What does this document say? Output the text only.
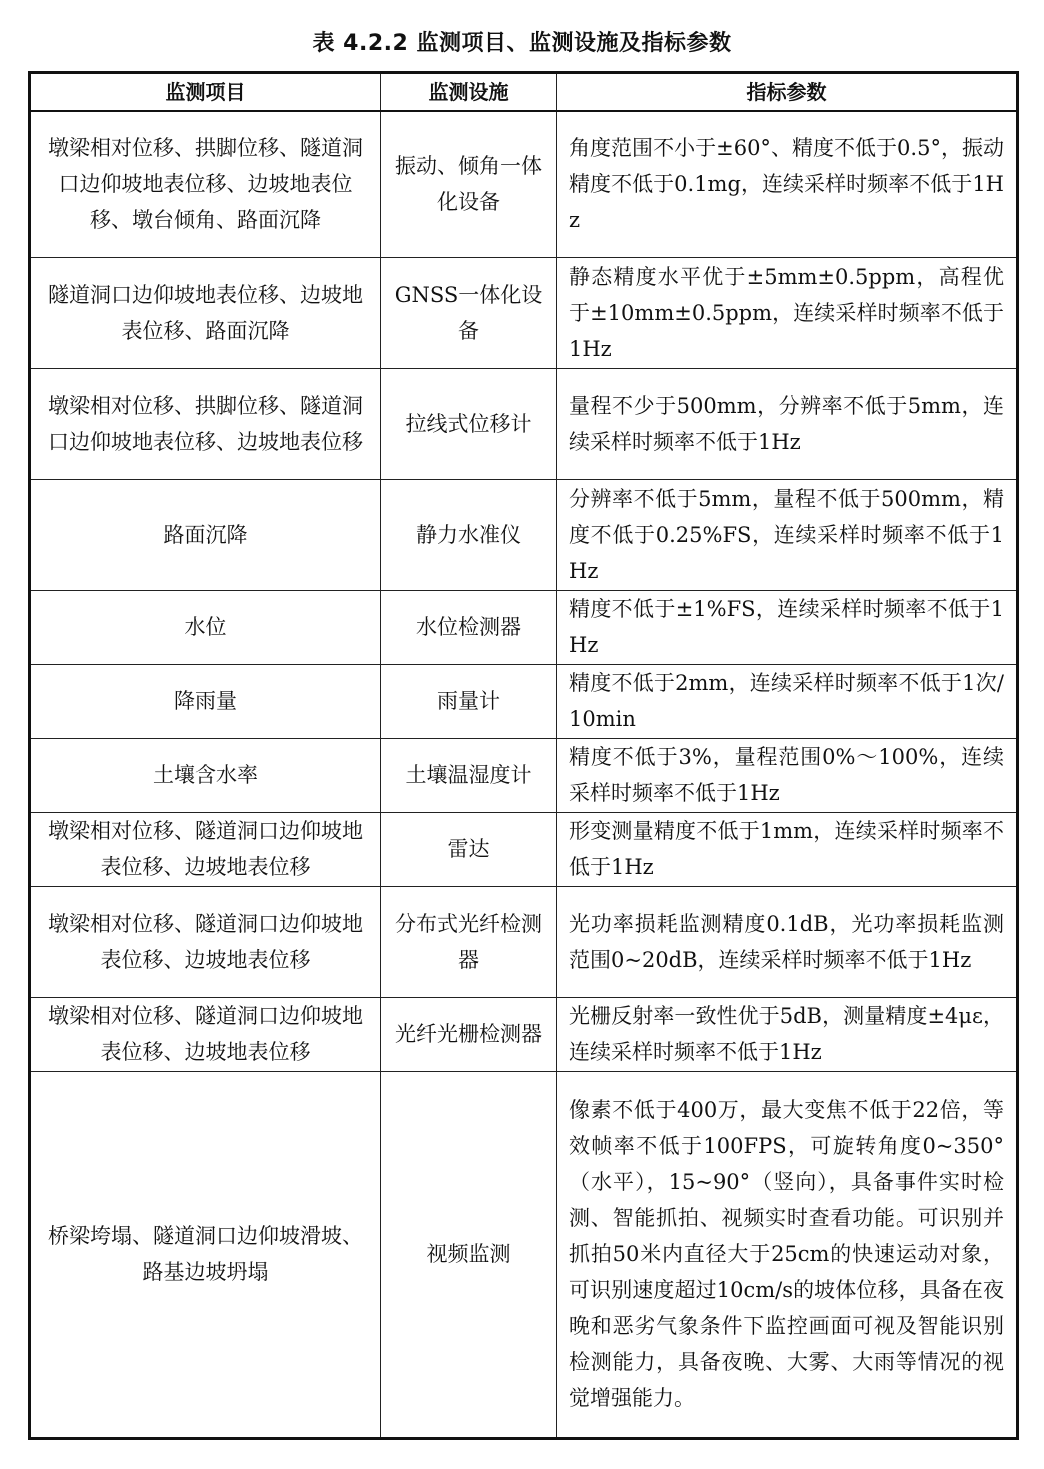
表 4.2.2 监测项目、监测设施及指标参数
监测项目	监测设施	指标参数
墩梁相对位移、拱脚位移、隧道洞口边仰坡地表位移、边坡地表位移、墩台倾角、路面沉降	振动、倾角一体化设备	角度范围不小于±60°、精度不低于0.5°，振动精度不低于0.1mg，连续采样时频率不低于1Hz
隧道洞口边仰坡地表位移、边坡地表位移、路面沉降	GNSS一体化设备	静态精度水平优于±5mm±0.5ppm，高程优于±10mm±0.5ppm，连续采样时频率不低于1Hz
墩梁相对位移、拱脚位移、隧道洞口边仰坡地表位移、边坡地表位移	拉线式位移计	量程不少于500mm，分辨率不低于5mm，连续采样时频率不低于1Hz
路面沉降	静力水准仪	分辨率不低于5mm，量程不低于500mm，精度不低于0.25%FS，连续采样时频率不低于1Hz
水位	水位检测器	精度不低于±1%FS，连续采样时频率不低于1Hz
降雨量	雨量计	精度不低于2mm，连续采样时频率不低于1次/10min
土壤含水率	土壤温湿度计	精度不低于3%，量程范围0%～100%，连续采样时频率不低于1Hz
墩梁相对位移、隧道洞口边仰坡地表位移、边坡地表位移	雷达	形变测量精度不低于1mm，连续采样时频率不低于1Hz
墩梁相对位移、隧道洞口边仰坡地表位移、边坡地表位移	分布式光纤检测器	光功率损耗监测精度0.1dB，光功率损耗监测范围0~20dB，连续采样时频率不低于1Hz
墩梁相对位移、隧道洞口边仰坡地表位移、边坡地表位移	光纤光栅检测器	光栅反射率一致性优于5dB，测量精度±4με，连续采样时频率不低于1Hz
桥梁垮塌、隧道洞口边仰坡滑坡、路基边坡坍塌	视频监测	像素不低于400万，最大变焦不低于22倍，等效帧率不低于100FPS，可旋转角度0~350°（水平），15~90°（竖向），具备事件实时检测、智能抓拍、视频实时查看功能。可识别并抓拍50米内直径大于25cm的快速运动对象，可识别速度超过10cm/s的坡体位移，具备在夜晚和恶劣气象条件下监控画面可视及智能识别检测能力，具备夜晚、大雾、大雨等情况的视觉增强能力。
